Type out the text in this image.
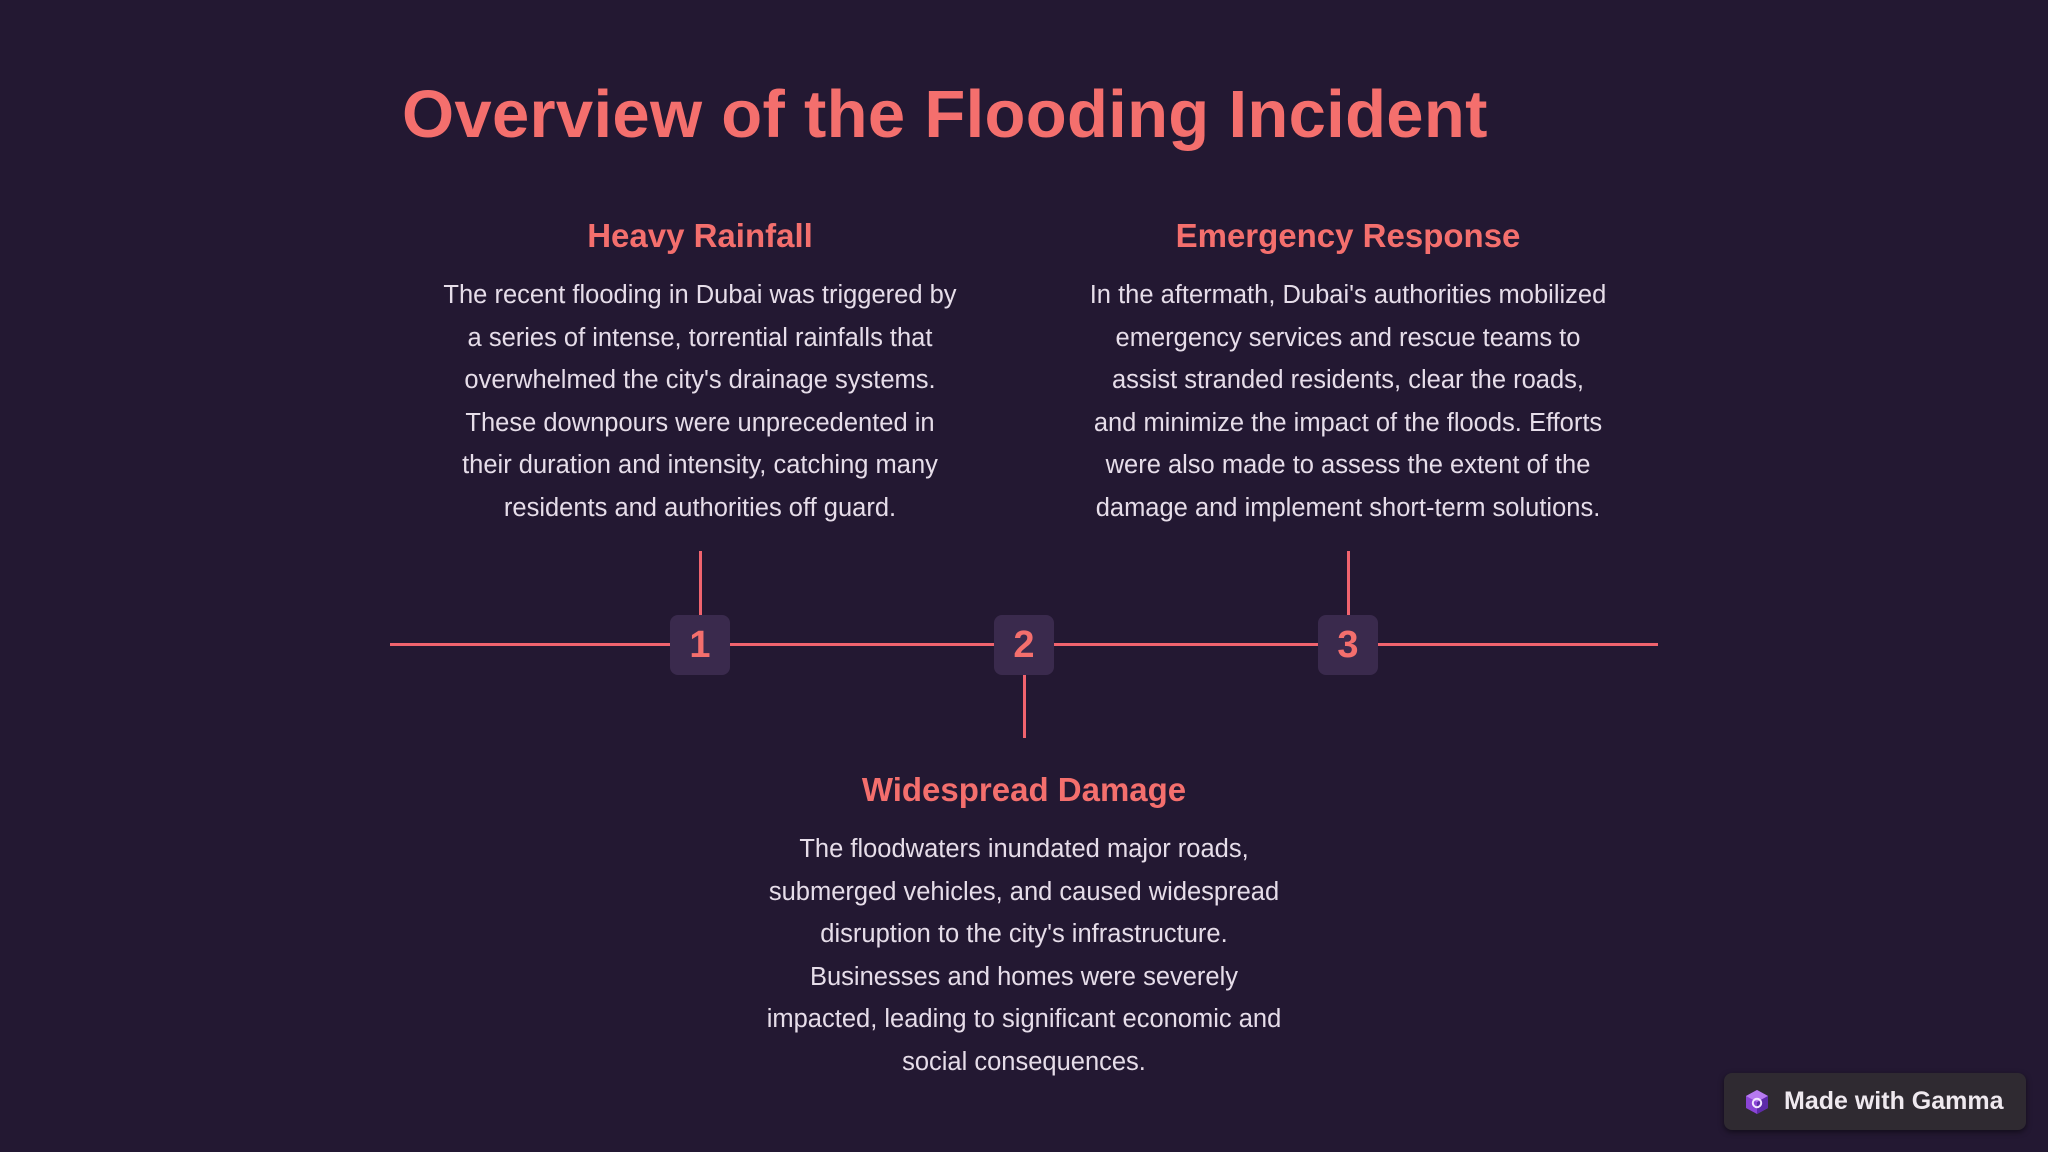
Overview of the Flooding Incident
Heavy Rainfall

The recent flooding in Dubai was triggered by
a series of intense, torrential rainfalls that
overwhelmed the city's drainage systems.
These downpours were unprecedented in
their duration and intensity, catching many
residents and authorities off guard.

Emergency Response

In the aftermath, Dubai's authorities mobilized
emergency services and rescue teams to
assist stranded residents, clear the roads,
and minimize the impact of the floods. Efforts
were also made to assess the extent of the
damage and implement short-term solutions.

1	2	3
Widespread Damage

The floodwaters inundated major roads,
submerged vehicles, and caused widespread
disruption to the city's infrastructure.
Businesses and homes were severely
impacted, leading to significant economic and
social consequences.

Made with Gamma
